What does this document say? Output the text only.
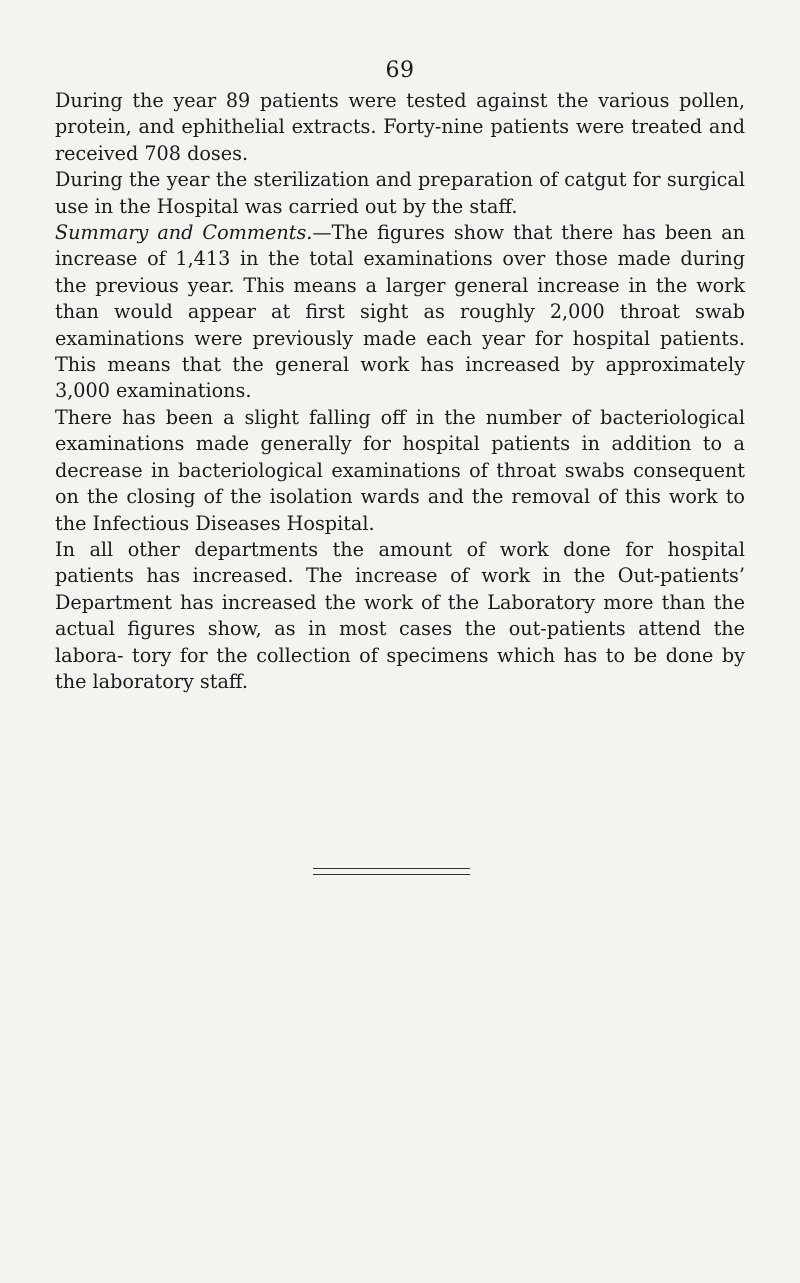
69

During the year 89 patients were tested against the various pollen, protein, and ephithelial extracts. Forty-nine patients were treated and received 708 doses.

During the year the sterilization and preparation of catgut for surgical use in the Hospital was carried out by the staff.

Summary and Comments.—The figures show that there has been an increase of 1,413 in the total examinations over those made during the previous year. This means a larger general increase in the work than would appear at first sight as roughly 2,000 throat swab examinations were previously made each year for hospital patients. This means that the general work has increased by approximately 3,000 examinations.

There has been a slight falling off in the number of bacteriological examinations made generally for hospital patients in addition to a decrease in bacteriological examinations of throat swabs consequent on the closing of the isolation wards and the removal of this work to the Infectious Diseases Hospital.

In all other departments the amount of work done for hospital patients has increased. The increase of work in the Out-patients’ Department has increased the work of the Laboratory more than the actual figures show, as in most cases the out-patients attend the labora- tory for the collection of specimens which has to be done by the laboratory staff.
